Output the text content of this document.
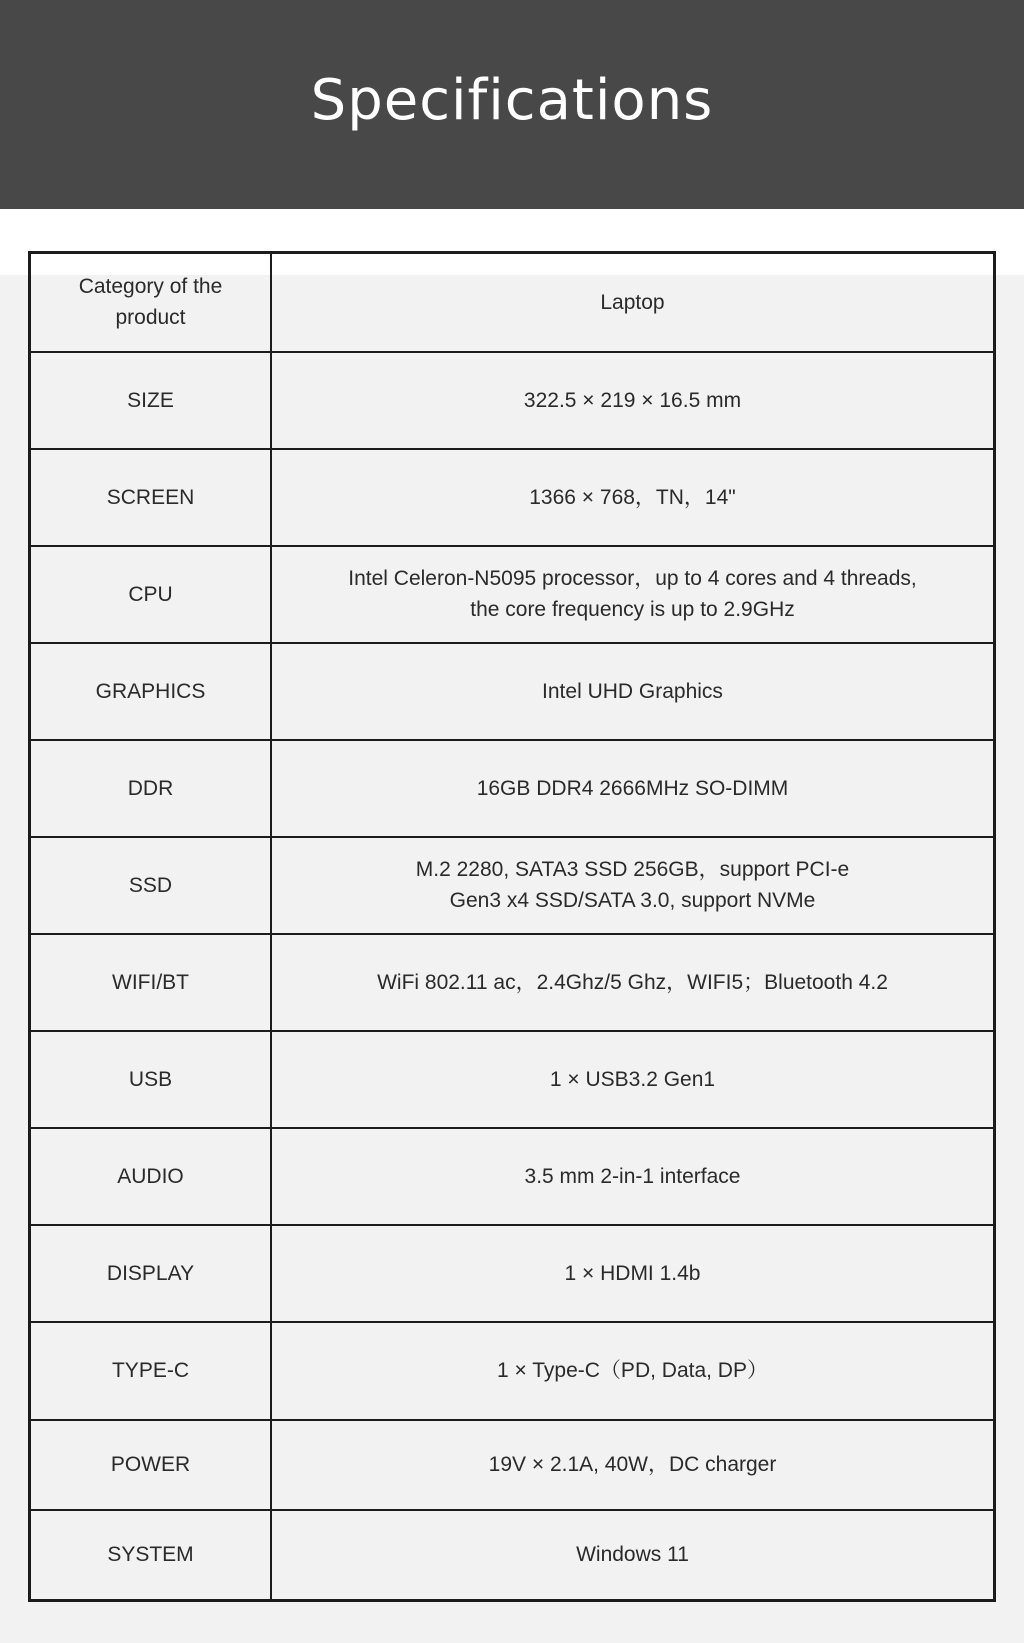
Specifications
Category of the product	Laptop

SIZE	322.5 × 219 × 16.5 mm

SCREEN	1366 × 768，TN，14"

CPU	Intel Celeron-N5095 processor，up to 4 cores and 4 threads,
the core frequency is up to 2.9GHz

GRAPHICS	Intel UHD Graphics

DDR	16GB DDR4 2666MHz SO-DIMM

SSD	M.2 2280, SATA3 SSD 256GB，support PCI-e
Gen3 x4 SSD/SATA 3.0, support NVMe

WIFI/BT	WiFi 802.11 ac，2.4Ghz/5 Ghz，WIFI5；Bluetooth 4.2

USB	1 × USB3.2 Gen1

AUDIO	3.5 mm 2-in-1 interface

DISPLAY	1 × HDMI 1.4b

TYPE-C	1 × Type-C（PD, Data, DP）

POWER	19V × 2.1A, 40W，DC charger

SYSTEM	Windows 11
